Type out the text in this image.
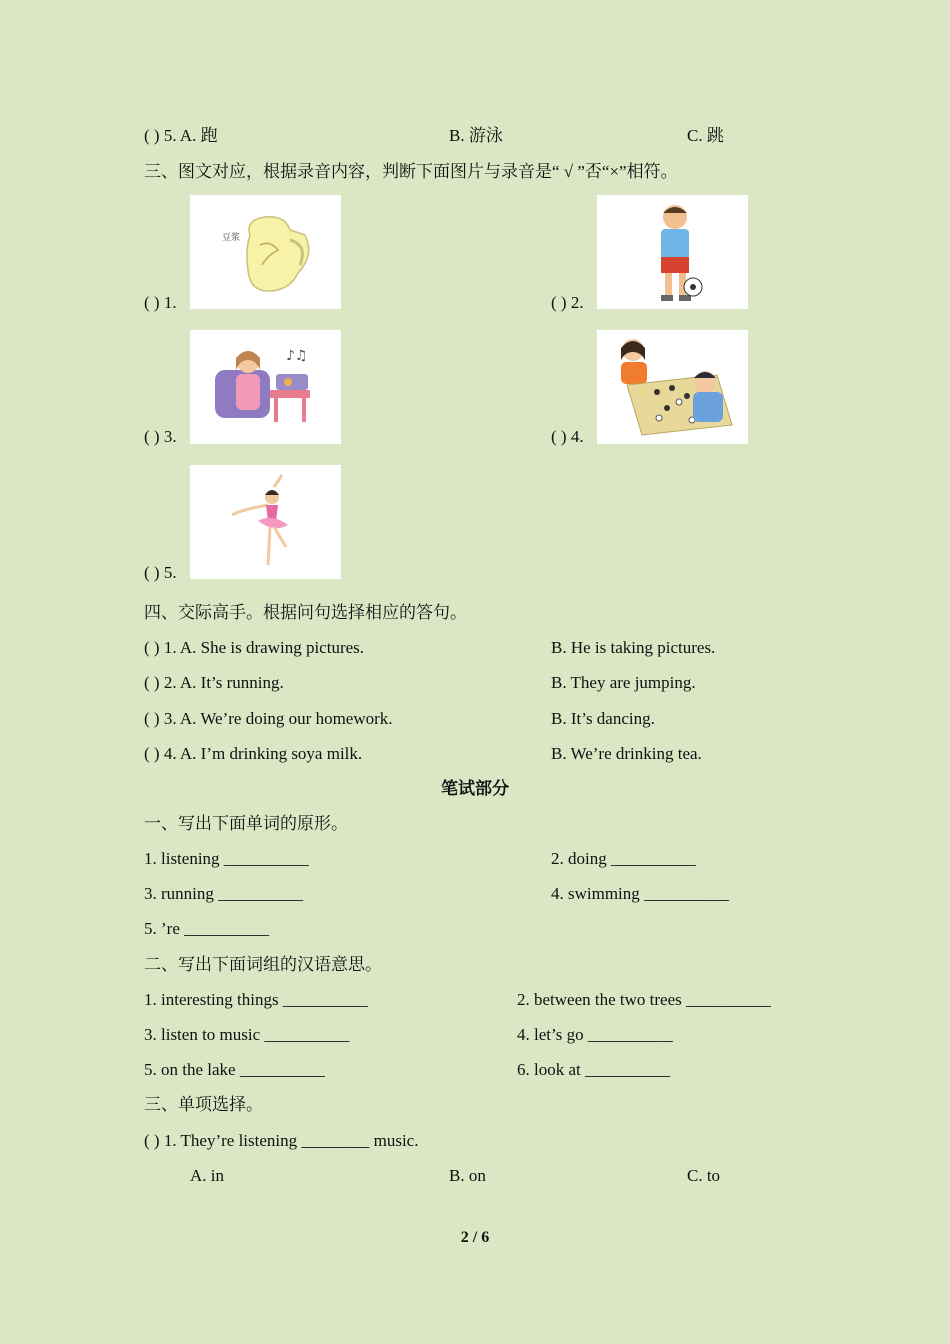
( ) 5. A. 跑	B. 游泳	C. 跳
三、图文对应，根据录音内容，判断下面图片与录音是“ √ ”否“×”相符。
( ) 1.
豆浆
( ) 2.
( ) 3.
♪♫
( ) 4.
( ) 5.
四、交际高手。根据问句选择相应的答句。
( ) 1. A. She is drawing pictures.	B. He is taking pictures.
( ) 2. A. It’s running.	B. They are jumping.
( ) 3. A. We’re doing our homework.	B. It’s dancing.
( ) 4. A. I’m drinking soya milk.	B. We’re drinking tea.
笔试部分
一、写出下面单词的原形。
1. listening __________	2. doing __________
3. running __________	4. swimming __________
5. ’re __________
二、写出下面词组的汉语意思。
1. interesting things __________	2. between the two trees __________
3. listen to music __________	4. let’s go __________
5. on the lake __________	6. look at __________
三、单项选择。
( ) 1. They’re listening ________ music.
A. in	B. on	C. to
2 / 6
